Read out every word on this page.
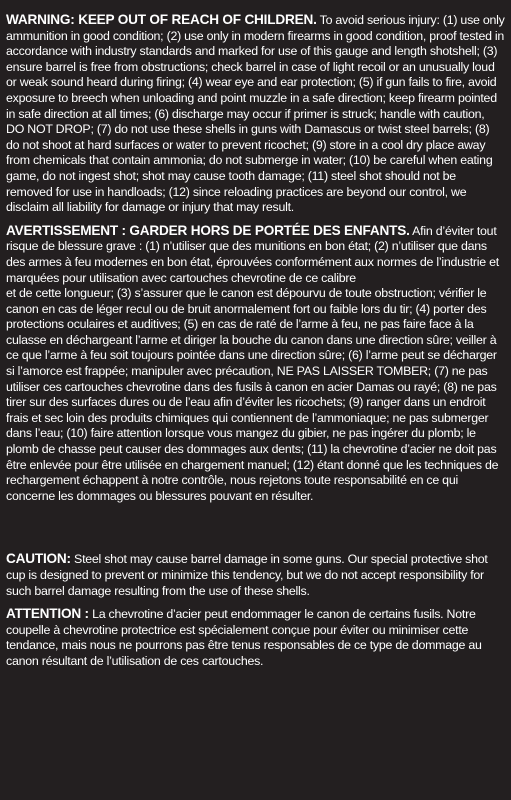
WARNING: KEEP OUT OF REACH OF CHILDREN. To avoid serious injury: (1) use only ammunition in good condition; (2) use only in modern firearms in good condition, proof tested in accordance with industry standards and marked for use of this gauge and length shotshell; (3) ensure barrel is free from obstructions; check barrel in case of light recoil or an unusually loud or weak sound heard during firing; (4) wear eye and ear protection; (5) if gun fails to fire, avoid exposure to breech when unloading and point muzzle in a safe direction; keep firearm pointed in safe direction at all times; (6) discharge may occur if primer is struck; handle with caution, DO NOT DROP; (7) do not use these shells in guns with Damascus or twist steel barrels; (8) do not shoot at hard surfaces or water to prevent ricochet; (9) store in a cool dry place away from chemicals that contain ammonia; do not submerge in water; (10) be careful when eating game, do not ingest shot; shot may cause tooth damage; (11) steel shot should not be removed for use in handloads; (12) since reloading practices are beyond our control, we disclaim all liability for damage or injury that may result.

AVERTISSEMENT : GARDER HORS DE PORTÉE DES ENFANTS. Afin d’éviter tout risque de blessure grave : (1) n’utiliser que des munitions en bon état; (2) n’utiliser que dans des armes à feu modernes en bon état, éprouvées conformément aux normes de l’industrie et marquées pour utilisation avec cartouches chevrotine de ce calibre
et de cette longueur; (3) s’assurer que le canon est dépourvu de toute obstruction; vérifier le canon en cas de léger recul ou de bruit anormalement fort ou faible lors du tir; (4) porter des protections oculaires et auditives; (5) en cas de raté de l’arme à feu, ne pas faire face à la culasse en déchargeant l’arme et diriger la bouche du canon dans une direction sûre; veiller à ce que l’arme à feu soit toujours pointée dans une direction sûre; (6) l’arme peut se décharger si l’amorce est frappée; manipuler avec précaution, NE PAS LAISSER TOMBER; (7) ne pas utiliser ces cartouches chevrotine dans des fusils à canon en acier Damas ou rayé; (8) ne pas tirer sur des surfaces dures ou de l’eau afin d’éviter les ricochets; (9) ranger dans un endroit frais et sec loin des produits chimiques qui contiennent de l’ammoniaque; ne pas submerger dans l’eau; (10) faire attention lorsque vous mangez du gibier, ne pas ingérer du plomb; le plomb de chasse peut causer des dommages aux dents; (11) la chevrotine d’acier ne doit pas être enlevée pour être utilisée en chargement manuel; (12) étant donné que les techniques de rechargement échappent à notre contrôle, nous rejetons toute responsabilité en ce qui concerne les dommages ou blessures pouvant en résulter.

CAUTION: Steel shot may cause barrel damage in some guns. Our special protective shot cup is designed to prevent or minimize this tendency, but we do not accept responsibility for such barrel damage resulting from the use of these shells.

ATTENTION : La chevrotine d’acier peut endommager le canon de certains fusils. Notre coupelle à chevrotine protectrice est spécialement conçue pour éviter ou minimiser cette tendance, mais nous ne pourrons pas être tenus responsables de ce type de dommage au canon résultant de l’utilisation de ces cartouches.
